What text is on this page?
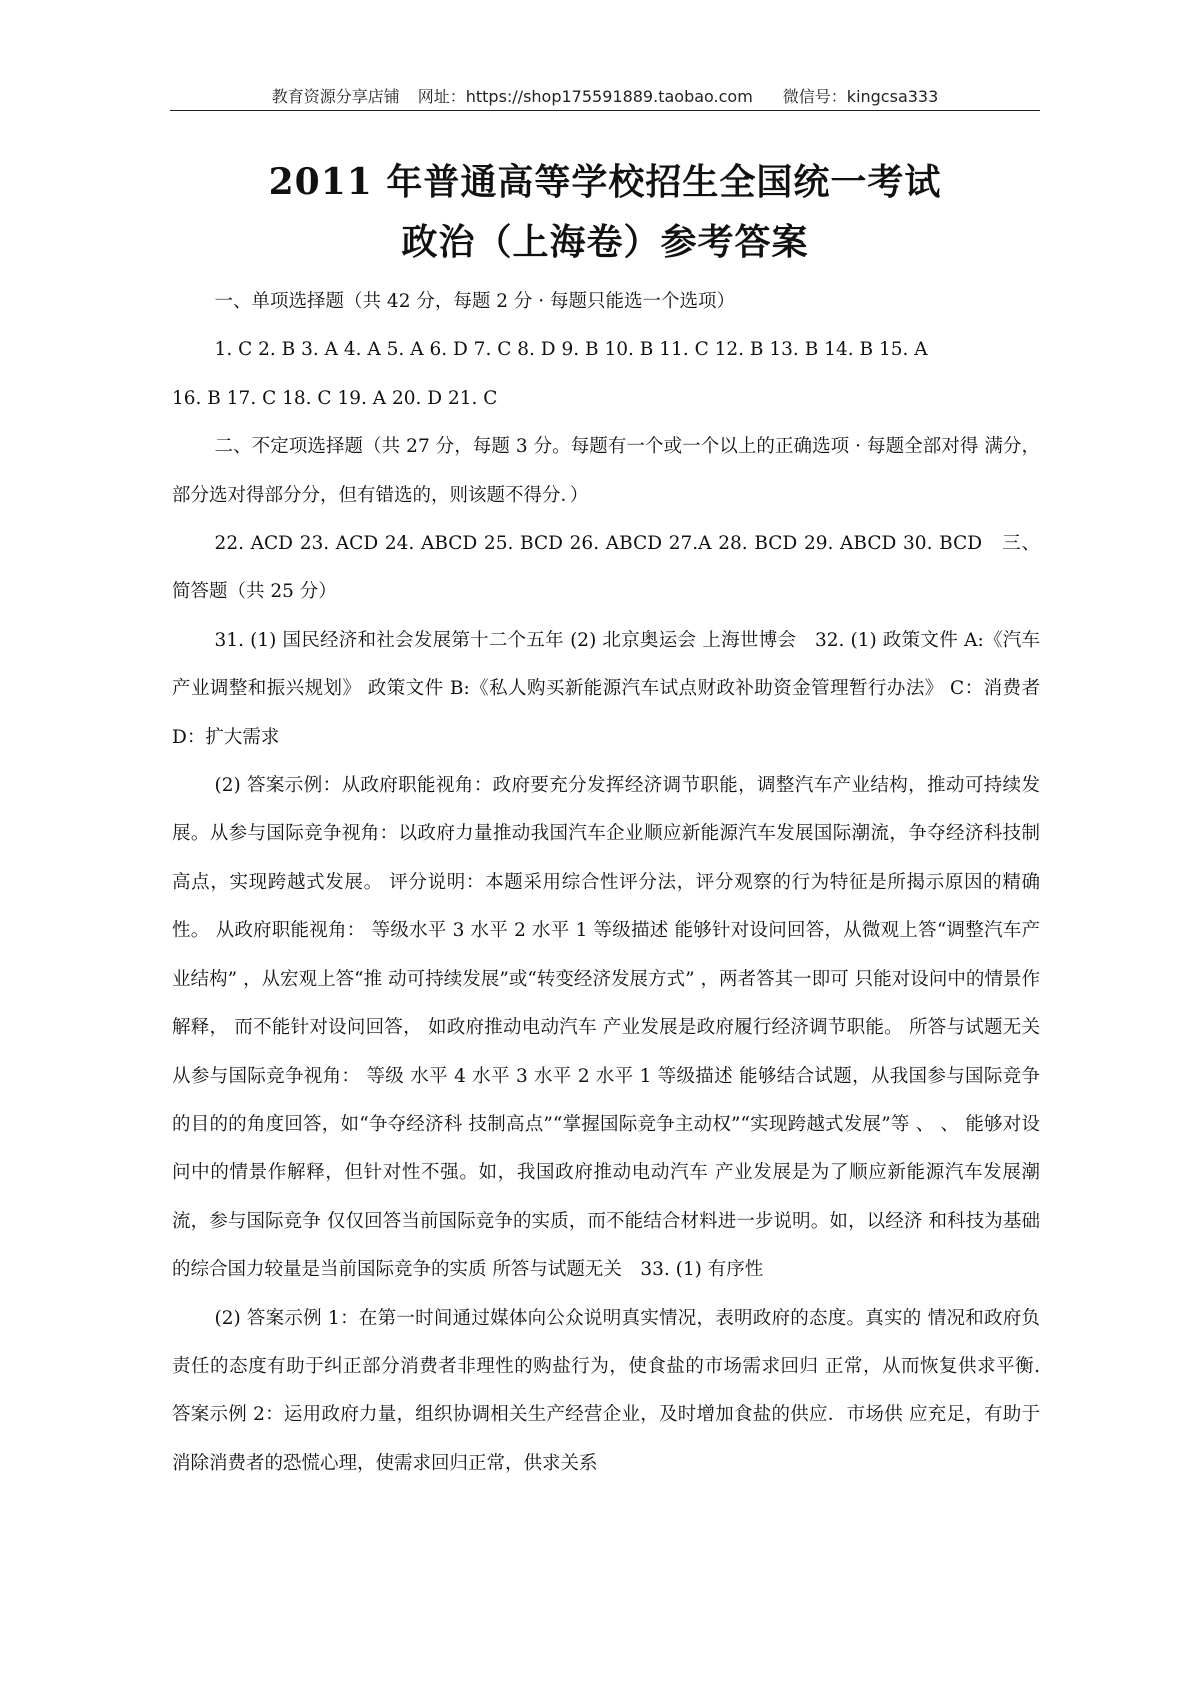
教育资源分享店铺 网址：https://shop175591889.taobao.com 微信号：kingcsa333
2011 年普通高等学校招生全国统一考试
政治（上海卷）参考答案

一、单项选择题（共 42 分，每题 2 分 · 每题只能选一个选项）

1. C 2. B 3. A 4. A 5. A 6. D 7. C 8. D 9. B 10. B 11. C 12. B 13. B 14. B 15. A

16. B 17. C 18. C 19. A 20. D 21. C

二、不定项选择题（共 27 分，每题 3 分。每题有一个或一个以上的正确选项 · 每题全部对得 满分，部分选对得部分分，但有错选的，则该题不得分．）

22. ACD 23. ACD 24. ABCD 25. BCD 26. ABCD 27.A 28. BCD 29. ABCD 30. BCD　三、简答题（共 25 分）

31. (1) 国民经济和社会发展第十二个五年 (2) 北京奥运会 上海世博会　32. (1) 政策文件 A:《汽车产业调整和振兴规划》 政策文件 B:《私人购买新能源汽车试点财政补助资金管理暂行办法》 C：消费者 D：扩大需求

(2) 答案示例：从政府职能视角：政府要充分发挥经济调节职能，调整汽车产业结构，推动可持续发展。从参与国际竞争视角：以政府力量推动我国汽车企业顺应新能源汽车发展国际潮流，争夺经济科技制高点，实现跨越式发展。 评分说明：本题采用综合性评分法，评分观察的行为特征是所揭示原因的精确性。 从政府职能视角： 等级水平 3 水平 2 水平 1 等级描述 能够针对设问回答，从微观上答“调整汽车产业结构” ，从宏观上答“推 动可持续发展”或“转变经济发展方式” ，两者答其一即可 只能对设问中的情景作解释， 而不能针对设问回答， 如政府推动电动汽车 产业发展是政府履行经济调节职能。 所答与试题无关 从参与国际竞争视角： 等级 水平 4 水平 3 水平 2 水平 1 等级描述 能够结合试题，从我国参与国际竞争的目的的角度回答，如“争夺经济科 技制高点”“掌握国际竞争主动权”“实现跨越式发展”等 、 、 能够对设问中的情景作解释，但针对性不强。如，我国政府推动电动汽车 产业发展是为了顺应新能源汽车发展潮流，参与国际竞争 仅仅回答当前国际竞争的实质，而不能结合材料进一步说明。如，以经济 和科技为基础的综合国力较量是当前国际竞争的实质 所答与试题无关　33. (1) 有序性

(2) 答案示例 1：在第一时间通过媒体向公众说明真实情况，表明政府的态度。真实的 情况和政府负责任的态度有助于纠正部分消费者非理性的购盐行为，使食盐的市场需求回归 正常，从而恢复供求平衡.　答案示例 2：运用政府力量，组织协调相关生产经营企业，及时增加食盐的供应．市场供 应充足，有助于消除消费者的恐慌心理，使需求回归正常，供求关系
